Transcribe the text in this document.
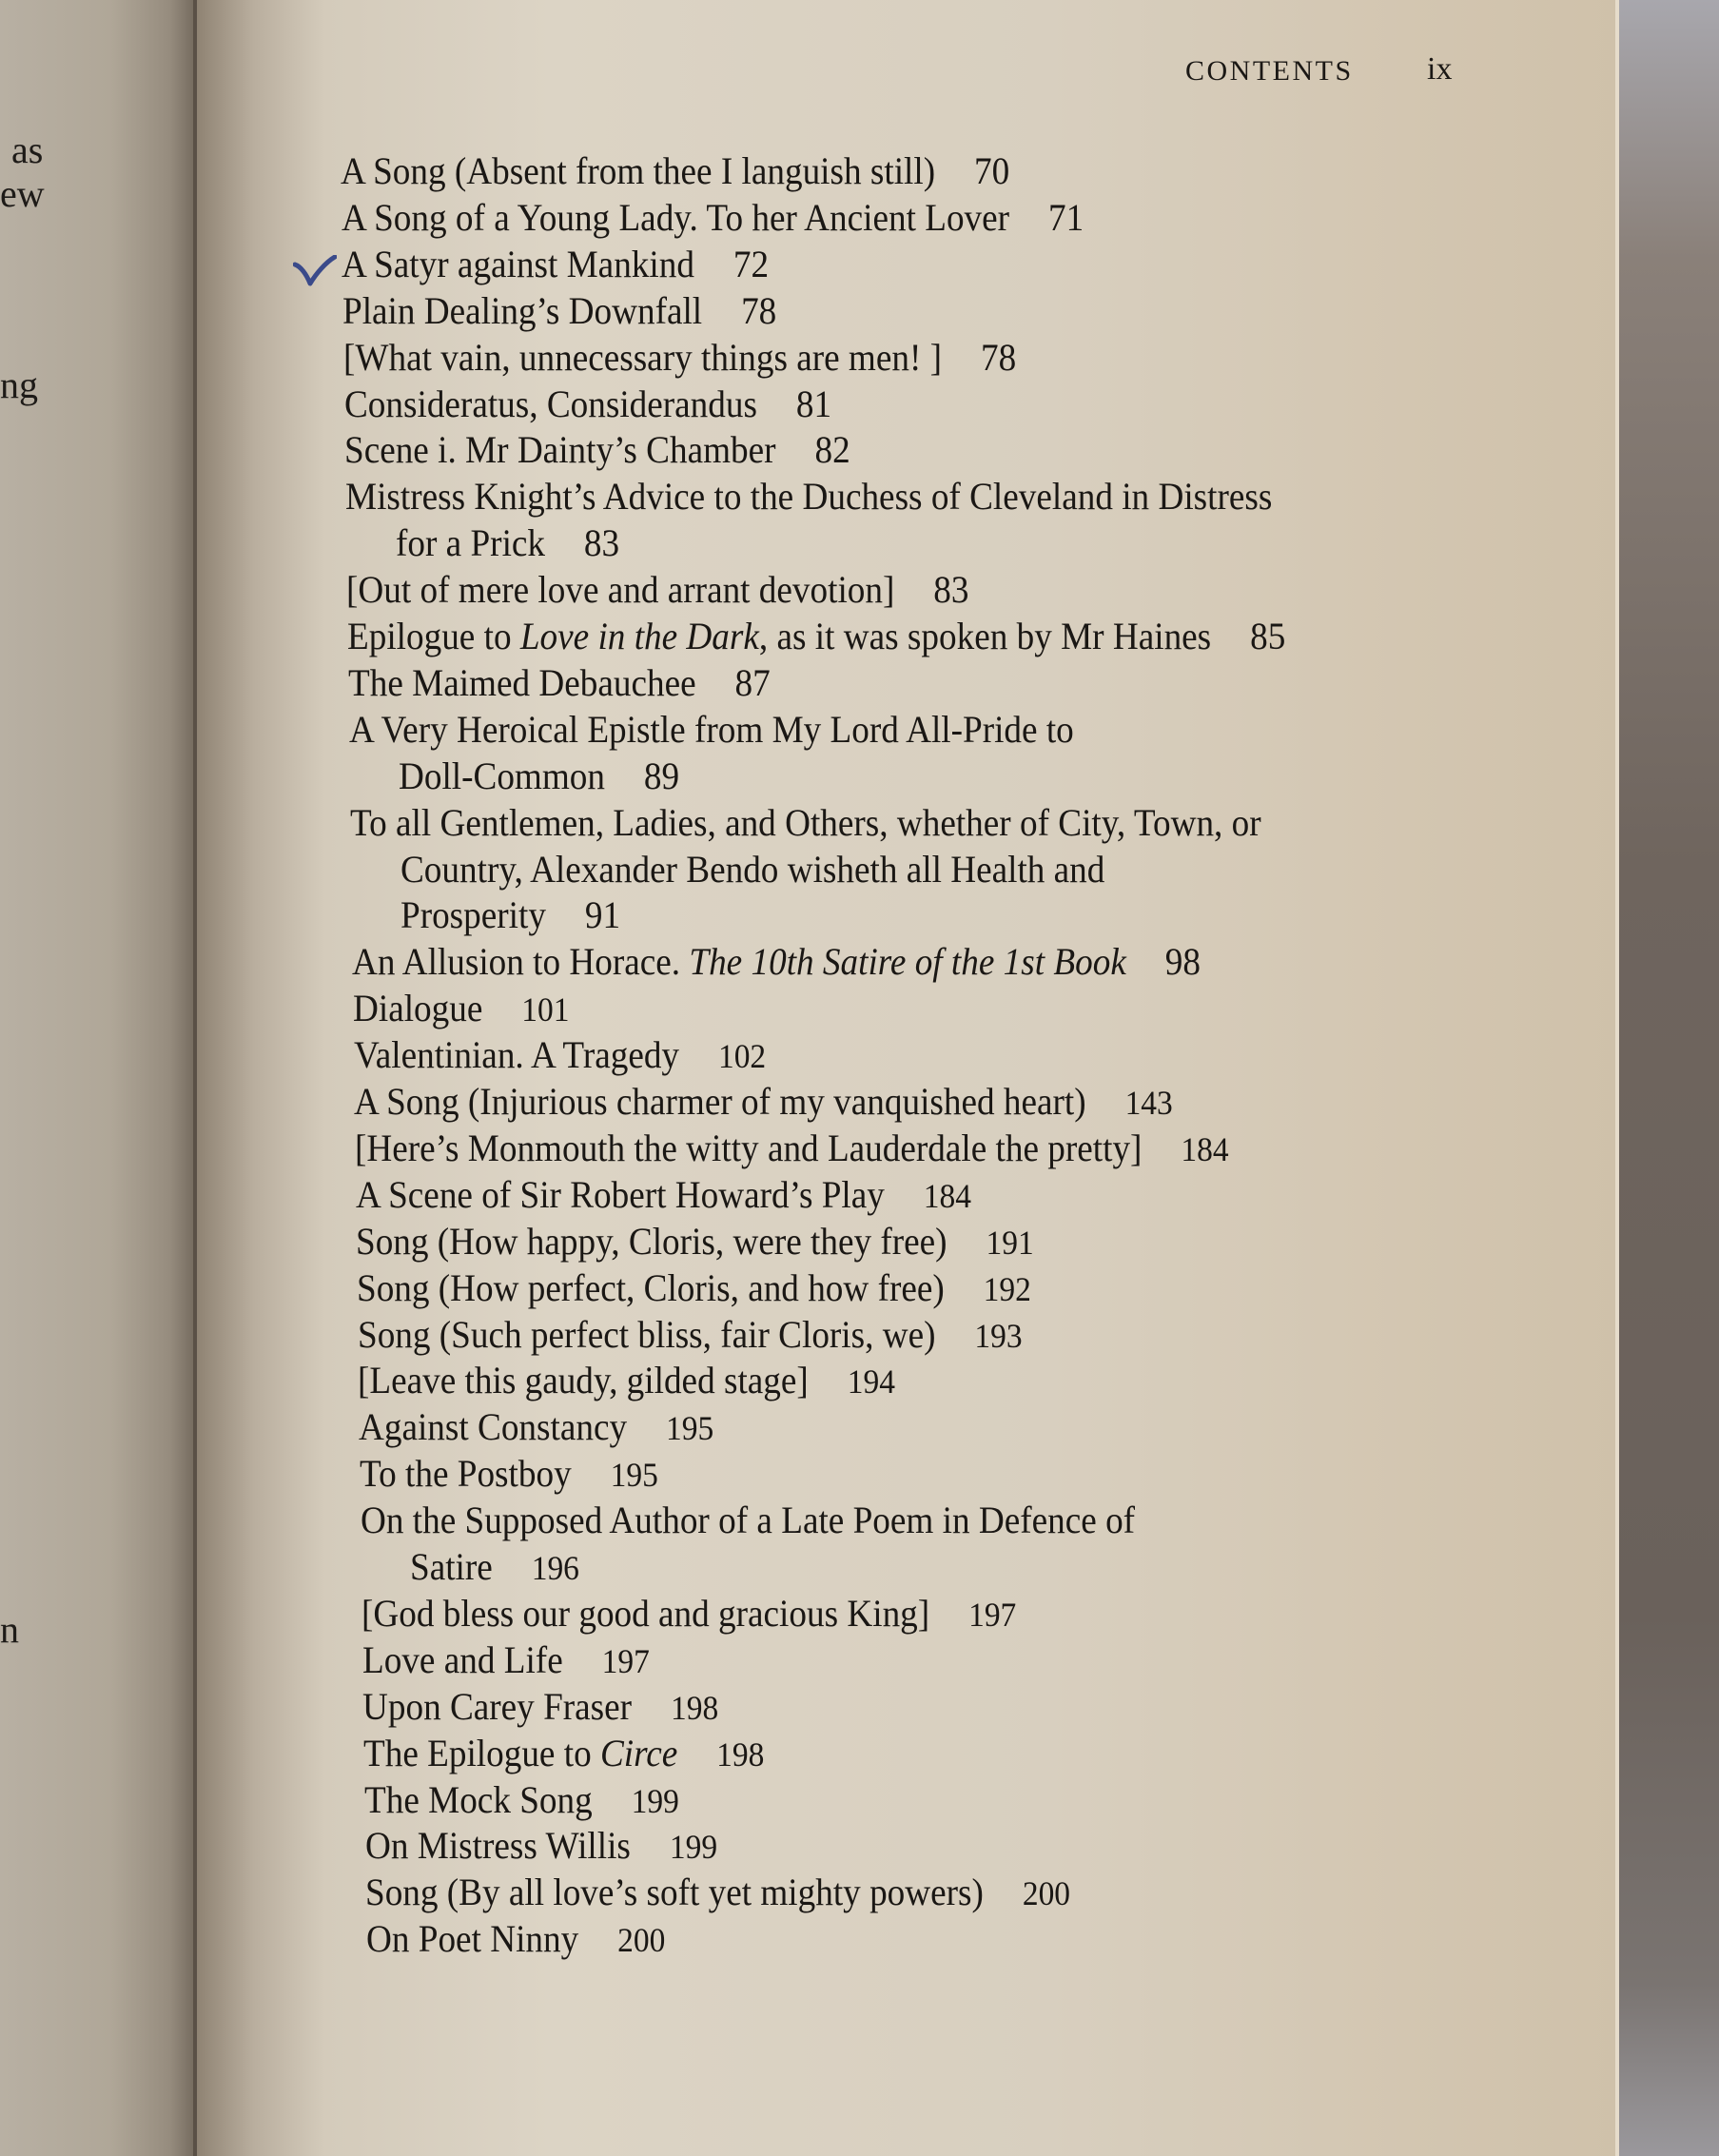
as
ew
ng
n
CONTENTS ix
A Song (Absent from thee I languish still) 70
A Song of a Young Lady. To her Ancient Lover 71
A Satyr against Mankind 72
Plain Dealing’s Downfall 78
[What vain, unnecessary things are men! ] 78
Consideratus, Considerandus 81
Scene i. Mr Dainty’s Chamber 82
Mistress Knight’s Advice to the Duchess of Cleveland in Distress
for a Prick 83
[Out of mere love and arrant devotion] 83
Epilogue to Love in the Dark, as it was spoken by Mr Haines 85
The Maimed Debauchee 87
A Very Heroical Epistle from My Lord All-Pride to
Doll-Common 89
To all Gentlemen, Ladies, and Others, whether of City, Town, or
Country, Alexander Bendo wisheth all Health and
Prosperity 91
An Allusion to Horace. The 10th Satire of the 1st Book 98
Dialogue 101
Valentinian. A Tragedy 102
A Song (Injurious charmer of my vanquished heart) 143
[Here’s Monmouth the witty and Lauderdale the pretty] 184
A Scene of Sir Robert Howard’s Play 184
Song (How happy, Cloris, were they free) 191
Song (How perfect, Cloris, and how free) 192
Song (Such perfect bliss, fair Cloris, we) 193
[Leave this gaudy, gilded stage] 194
Against Constancy 195
To the Postboy 195
On the Supposed Author of a Late Poem in Defence of
Satire 196
[God bless our good and gracious King] 197
Love and Life 197
Upon Carey Fraser 198
The Epilogue to Circe 198
The Mock Song 199
On Mistress Willis 199
Song (By all love’s soft yet mighty powers) 200
On Poet Ninny 200
